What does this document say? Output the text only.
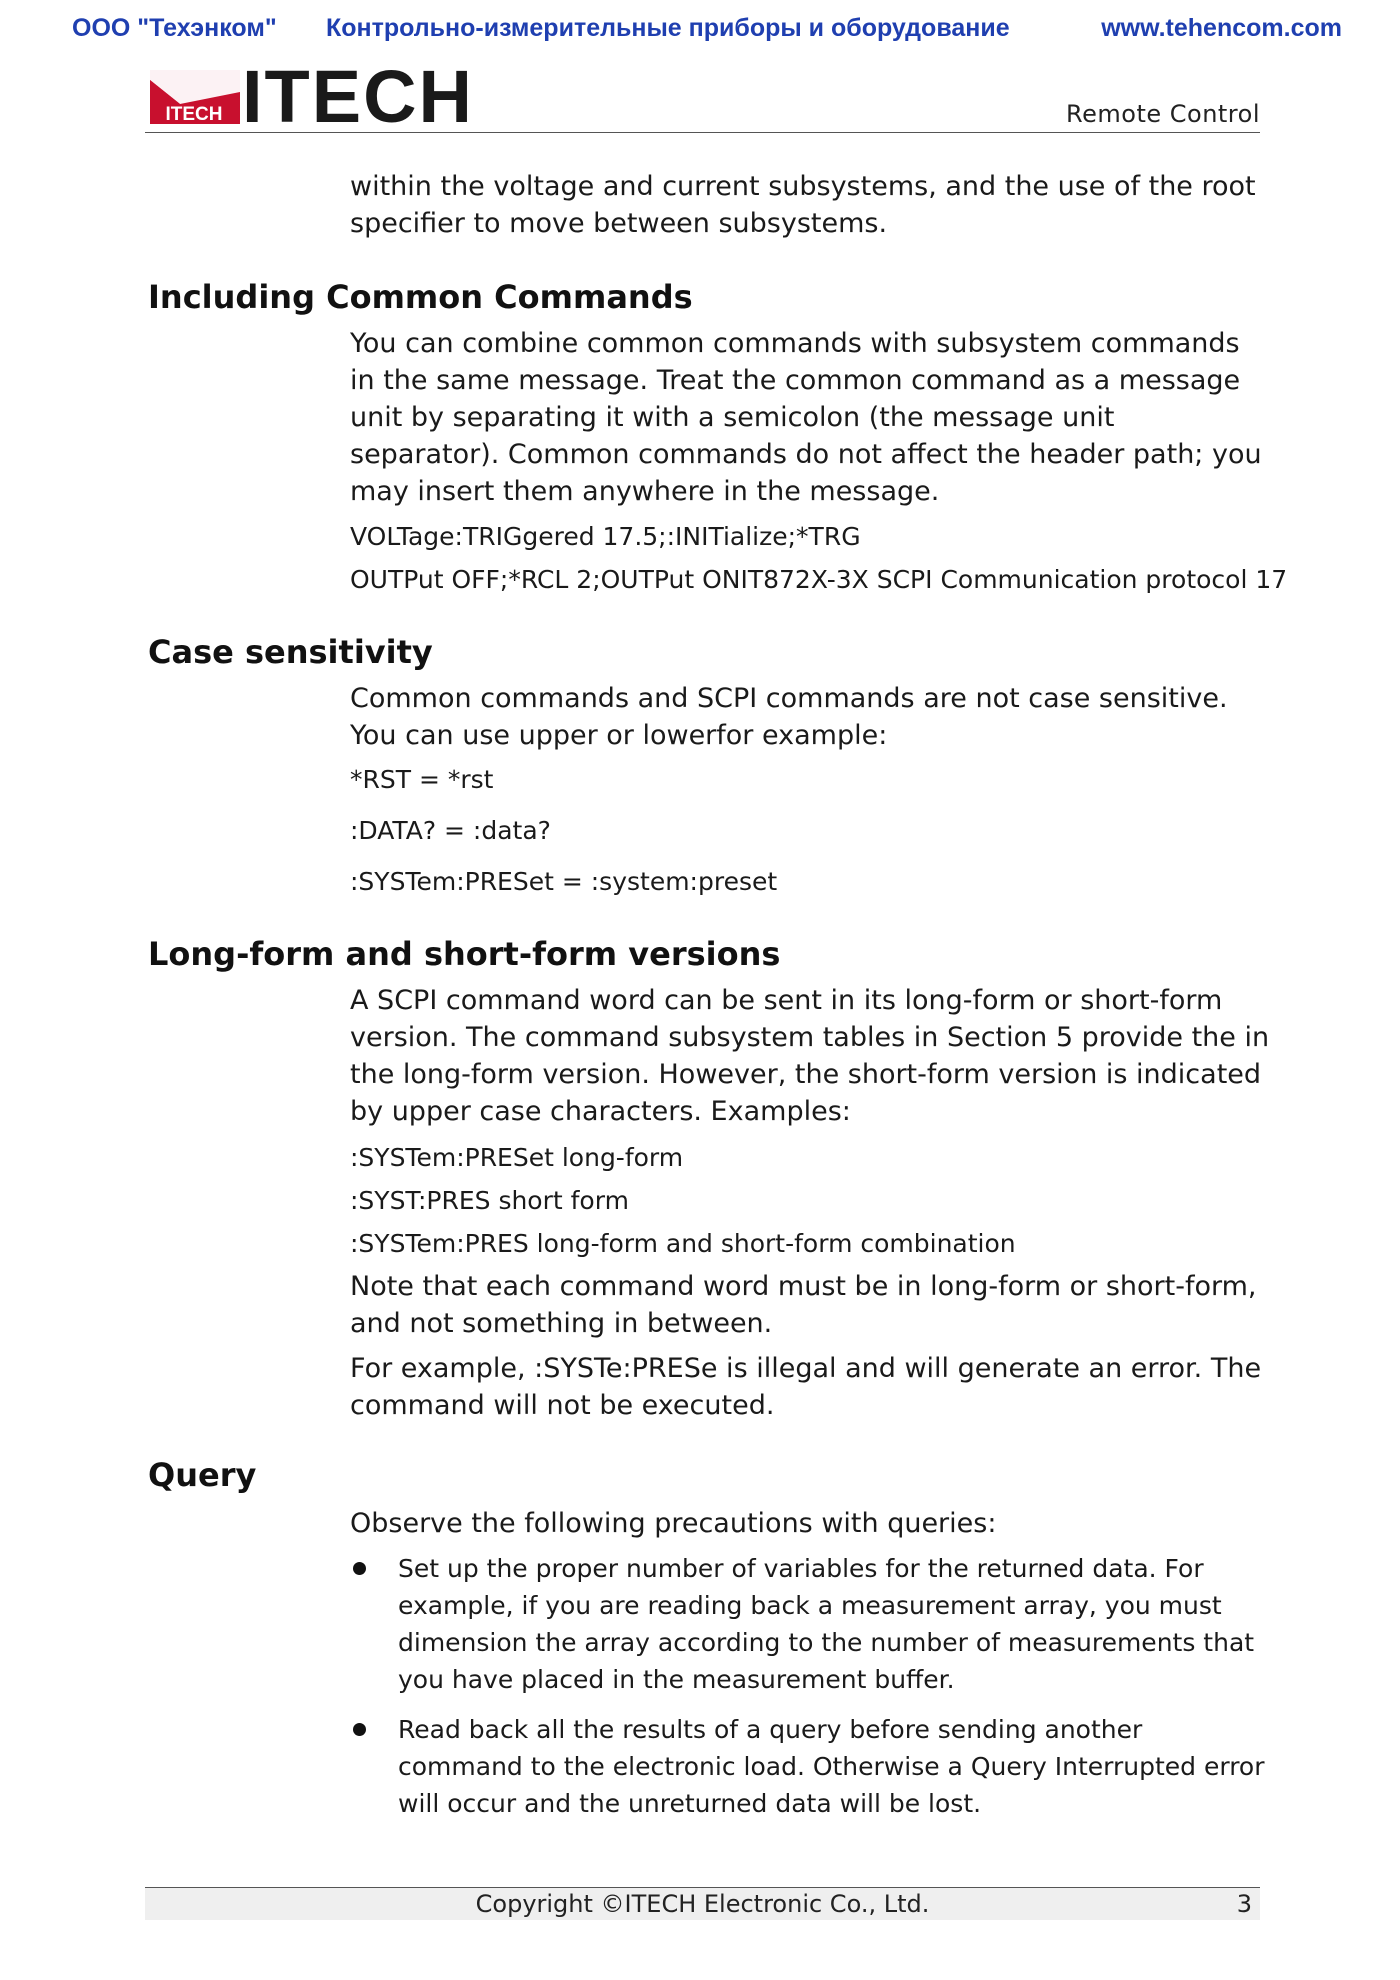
ООО "Техэнком" Контрольно-измерительные приборы и оборудование	www.tehencom.com
ITECH ITECH	Remote Control
within the voltage and current subsystems, and the use of the root specifier to move between subsystems.
Including Common Commands
You can combine common commands with subsystem commands in the same message. Treat the common command as a message unit by separating it with a semicolon (the message unit separator). Common commands do not affect the header path; you may insert them anywhere in the message.
VOLTage:TRIGgered 17.5;:INITialize;*TRG
OUTPut OFF;*RCL 2;OUTPut ONIT872X-3X SCPI Communication protocol 17
Case sensitivity
Common commands and SCPI commands are not case sensitive. You can use upper or lowerfor example:
*RST = *rst
:DATA? = :data?
:SYSTem:PRESet = :system:preset
Long-form and short-form versions
A SCPI command word can be sent in its long-form or short-form version. The command subsystem tables in Section 5 provide the in the long-form version. However, the short-form version is indicated by upper case characters. Examples:
:SYSTem:PRESet long-form
:SYST:PRES short form
:SYSTem:PRES long-form and short-form combination
Note that each command word must be in long-form or short-form, and not something in between.
For example, :SYSTe:PRESe is illegal and will generate an error. The command will not be executed.
Query
Observe the following precautions with queries:
Set up the proper number of variables for the returned data. For example, if you are reading back a measurement array, you must dimension the array according to the number of measurements that you have placed in the measurement buffer.
Read back all the results of a query before sending another command to the electronic load. Otherwise a Query Interrupted error will occur and the unreturned data will be lost.
Copyright ©ITECH Electronic Co., Ltd.	3
